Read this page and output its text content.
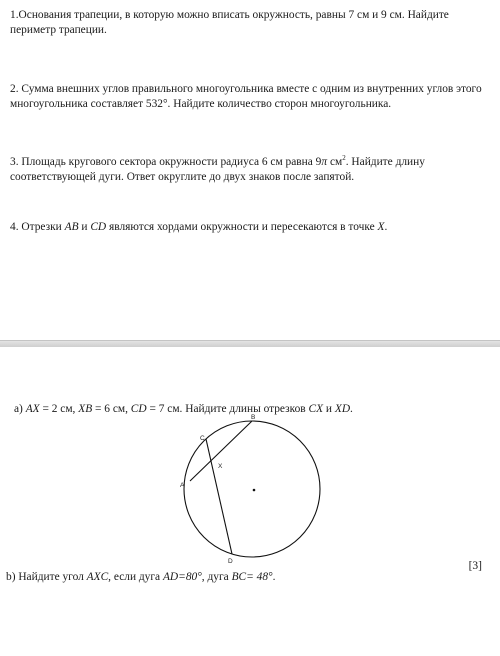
1.Основания трапеции, в которую можно вписать окружность, равны 7 см и 9 см. Найдите периметр трапеции.
2. Сумма внешних углов правильного многоугольника вместе с одним из внутренних углов этого многоугольника составляет 532°. Найдите количество сторон многоугольника.
3. Площадь кругового сектора окружности радиуса 6 см равна 9π $см^2$. Найдите длину соответствующей дуги. Ответ округлите до двух знаков после запятой.
4. Отрезки AB и CD являются хордами окружности и пересекаются в точке X.
а) AX = 2 см, XB = 6 см, CD = 7 см. Найдите длины отрезков CX и XD.
B
C
X
A
D	[3]
b) Найдите угол AXC, если дуга AD=80°, дуга BC= 48°.
